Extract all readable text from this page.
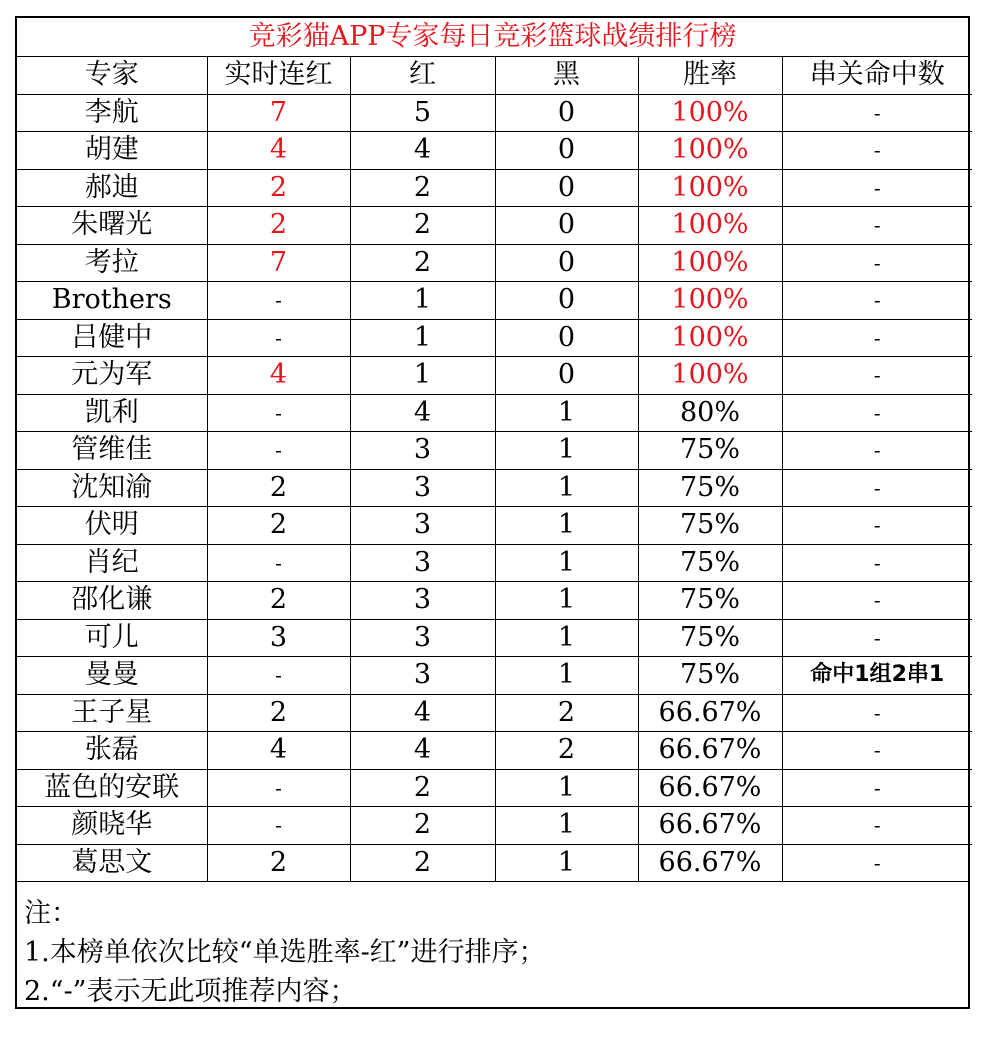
竞彩猫APP专家每日竞彩篮球战绩排行榜
专家	实时连红	红	黑	胜率	串关命中数
李航	7	5	0	100%	-
胡建	4	4	0	100%	-
郝迪	2	2	0	100%	-
朱曙光	2	2	0	100%	-
考拉	7	2	0	100%	-
Brothers	-	1	0	100%	-
吕健中	-	1	0	100%	-
元为军	4	1	0	100%	-
凯利	-	4	1	80%	-
管维佳	-	3	1	75%	-
沈知渝	2	3	1	75%	-
伏明	2	3	1	75%	-
肖纪	-	3	1	75%	-
邵化谦	2	3	1	75%	-
可儿	3	3	1	75%	-
曼曼	-	3	1	75%	命中1组2串1
王子星	2	4	2	66.67%	-
张磊	4	4	2	66.67%	-
蓝色的安联	-	2	1	66.67%	-
颜晓华	-	2	1	66.67%	-
葛思文	2	2	1	66.67%	-
注：
1.本榜单依次比较“单选胜率-红”进行排序；
2.“-”表示无此项推荐内容；
